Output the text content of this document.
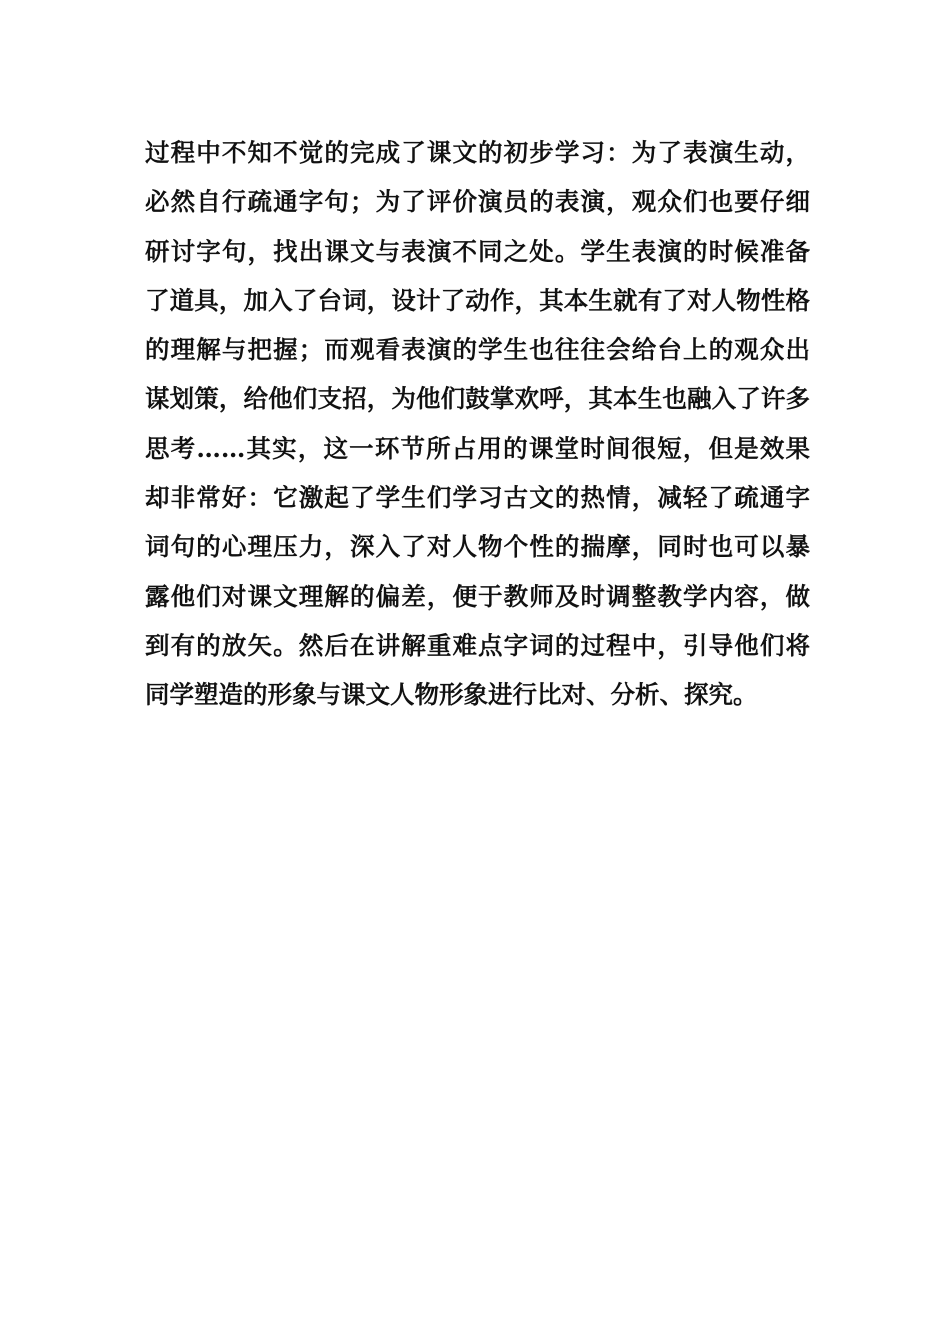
过程中不知不觉的完成了课文的初步学习：为了表演生动，
必然自行疏通字句；为了评价演员的表演，观众们也要仔细
研讨字句，找出课文与表演不同之处。学生表演的时候准备
了道具，加入了台词，设计了动作，其本生就有了对人物性格
的理解与把握；而观看表演的学生也往往会给台上的观众出
谋划策，给他们支招，为他们鼓掌欢呼，其本生也融入了许多
思考……其实，这一环节所占用的课堂时间很短，但是效果
却非常好：它激起了学生们学习古文的热情，减轻了疏通字
词句的心理压力，深入了对人物个性的揣摩，同时也可以暴
露他们对课文理解的偏差，便于教师及时调整教学内容，做
到有的放矢。然后在讲解重难点字词的过程中，引导他们将
同学塑造的形象与课文人物形象进行比对、分析、探究。
